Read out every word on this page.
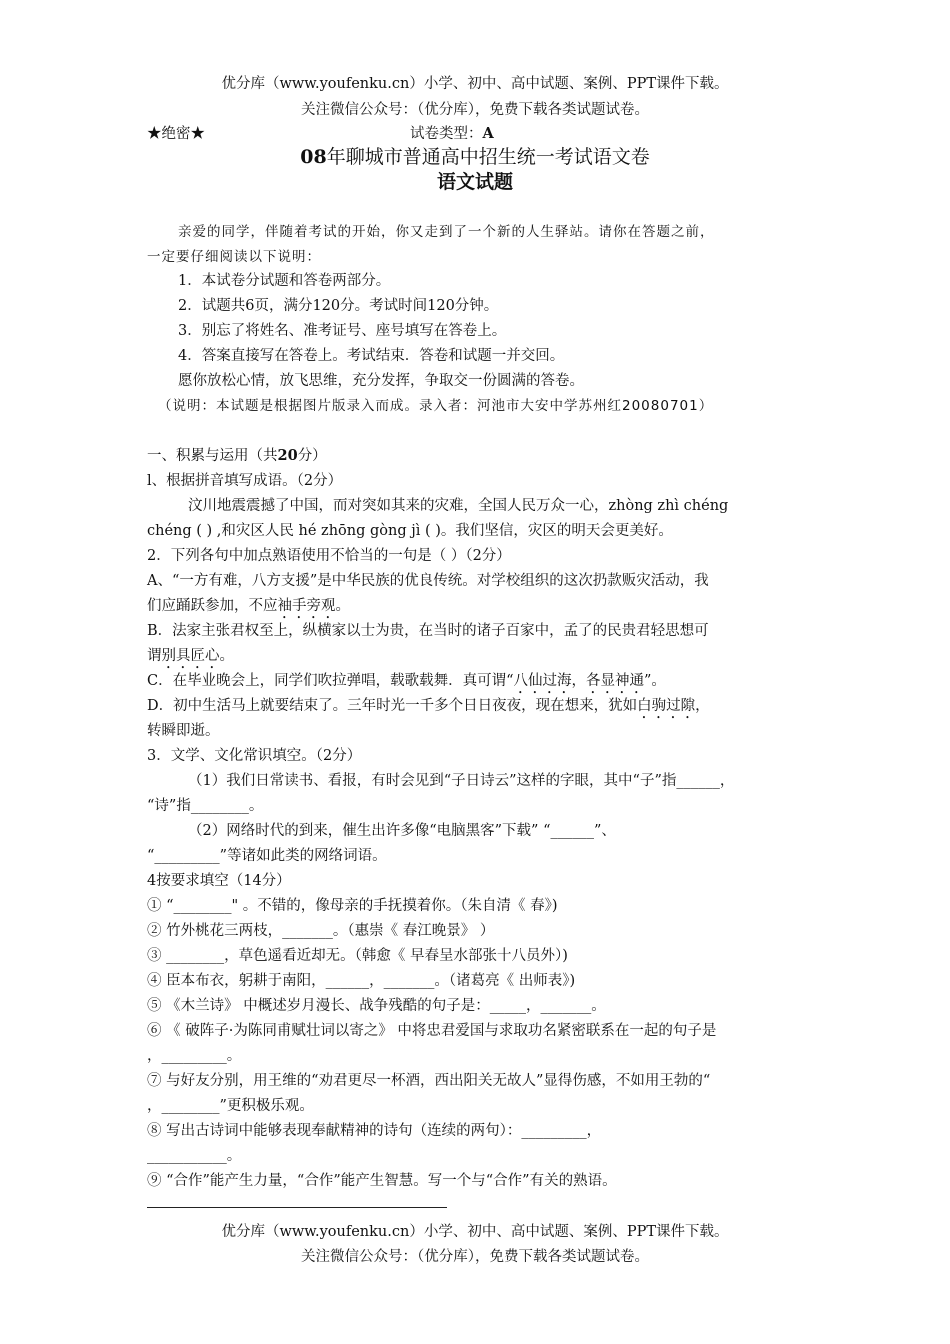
优分库（www.youfenku.cn）小学、初中、高中试题、案例、PPT课件下载。
关注微信公众号：（优分库），免费下载各类试题试卷。
★绝密★	试卷类型：A
08年聊城市普通高中招生统一考试语文卷
语文试题
亲爱的同学，伴随着考试的开始，你又走到了一个新的人生驿站。请你在答题之前，
一定要仔细阅读以下说明：
1．本试卷分试题和答卷两部分。
2．试题共6页，满分120分。考试时间120分钟。
3．别忘了将姓名、准考证号、座号填写在答卷上。
4．答案直接写在答卷上。考试结束．答卷和试题一并交回。
愿你放松心情，放飞思维，充分发挥，争取交一份圆满的答卷。
（说明：本试题是根据图片版录入而成。录入者：河池市大安中学苏州红20080701）
一、积累与运用（共20分）
l、根据拼音填写成语。（2分）
汶川地震震撼了中国，而对突如其来的灾难，全国人民万众一心，zhòng zhì chéng
chéng ( ) ,和灾区人民 hé zhōng gòng jì ( )。我们坚信，灾区的明天会更美好。
2．下列各句中加点熟语使用不恰当的一句是（ ）（2分）
A、“一方有难，八方支援”是中华民族的优良传统。对学校组织的这次扔款贩灾活动，我
们应踊跃参加，不应袖手旁观。
B．法家主张君权至上，纵横家以士为贵，在当时的诸子百家中，孟了的民贵君轻思想可
谓别具匠心。
C．在毕业晚会上，同学们吹拉弹唱，载歌载舞．真可谓“八仙过海，各显神通”。
D．初中生活马上就要结束了。三年时光一千多个日日夜夜，现在想来，犹如白驹过隙，
转瞬即逝。
3．文学、文化常识填空。（2分）
（1）我们日常读书、看报，有时会见到“子日诗云”这样的字眼，其中“子”指______，
“诗”指________。
（2）网络时代的到来，催生出许多像“电脑黑客”下载” “______”、
“_________”等诸如此类的网络词语。
4按要求填空（14分）
① “________" 。不错的，像母亲的手抚摸着你。（朱自清《 春》)
② 竹外桃花三两枝，_______。（惠崇《 春江晚景》 ）
③ ________，草色遥看近却无。（韩愈《 早春呈水部张十八员外）)
④ 臣本布衣，躬耕于南阳，______，_______。（诸葛亮《 出师表》)
⑤ 《木兰诗》 中概述岁月漫长、战争残酷的句子是：_____，_______。
⑥ 《 破阵子·为陈同甫赋壮词以寄之》 中将忠君爱国与求取功名紧密联系在一起的句子是
，_________。
⑦ 与好友分别，用王维的“劝君更尽一杯酒，西出阳关无故人”显得伤感，不如用王勃的“
，________”更积极乐观。
⑧ 写出古诗词中能够表现奉献精神的诗句（连续的两句）：_________，
___________。
⑨ “合作”能产生力量，“合作”能产生智慧。写一个与“合作”有关的熟语。
优分库（www.youfenku.cn）小学、初中、高中试题、案例、PPT课件下载。
关注微信公众号：（优分库），免费下载各类试题试卷。
